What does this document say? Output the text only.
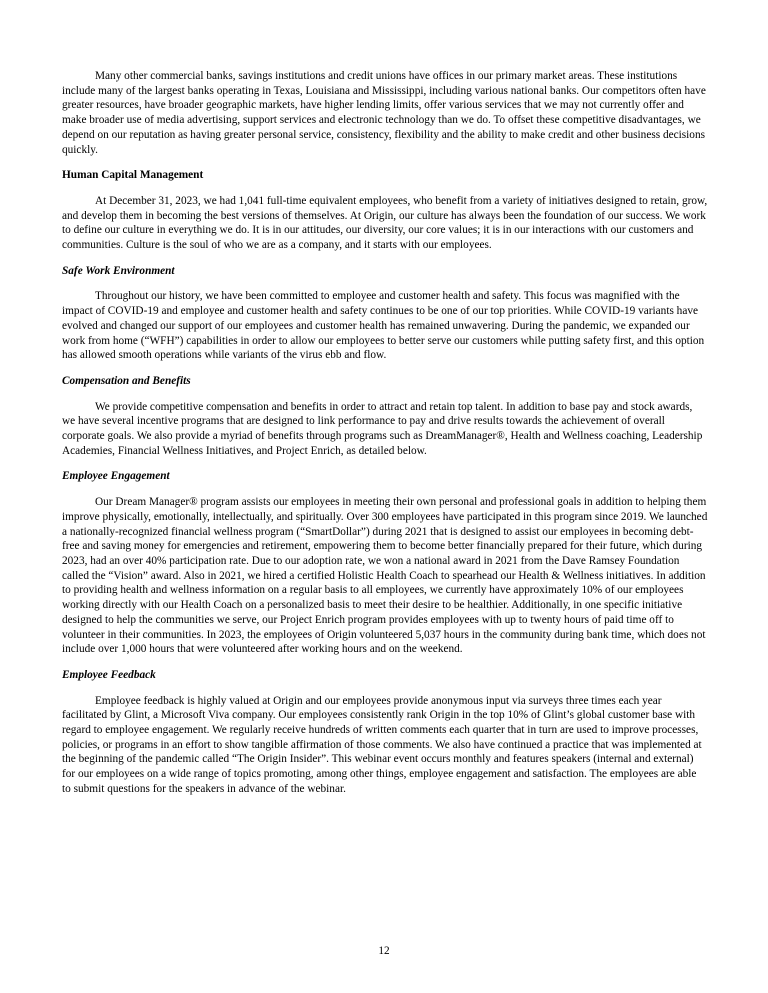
Many other commercial banks, savings institutions and credit unions have offices in our primary market areas. These institutions include many of the largest banks operating in Texas, Louisiana and Mississippi, including various national banks. Our competitors often have greater resources, have broader geographic markets, have higher lending limits, offer various services that we may not currently offer and make broader use of media advertising, support services and electronic technology than we do. To offset these competitive disadvantages, we depend on our reputation as having greater personal service, consistency, flexibility and the ability to make credit and other business decisions quickly.

Human Capital Management

At December 31, 2023, we had 1,041 full-time equivalent employees, who benefit from a variety of initiatives designed to retain, grow, and develop them in becoming the best versions of themselves. At Origin, our culture has always been the foundation of our success. We work to define our culture in everything we do. It is in our attitudes, our diversity, our core values; it is in our interactions with our customers and communities. Culture is the soul of who we are as a company, and it starts with our employees.

Safe Work Environment

Throughout our history, we have been committed to employee and customer health and safety. This focus was magnified with the impact of COVID-19 and employee and customer health and safety continues to be one of our top priorities. While COVID-19 variants have evolved and changed our support of our employees and customer health has remained unwavering. During the pandemic, we expanded our work from home (“WFH”) capabilities in order to allow our employees to better serve our customers while putting safety first, and this option has allowed smooth operations while variants of the virus ebb and flow.

Compensation and Benefits

We provide competitive compensation and benefits in order to attract and retain top talent. In addition to base pay and stock awards, we have several incentive programs that are designed to link performance to pay and drive results towards the achievement of overall corporate goals. We also provide a myriad of benefits through programs such as DreamManager®, Health and Wellness coaching, Leadership Academies, Financial Wellness Initiatives, and Project Enrich, as detailed below.

Employee Engagement

Our Dream Manager® program assists our employees in meeting their own personal and professional goals in addition to helping them improve physically, emotionally, intellectually, and spiritually. Over 300 employees have participated in this program since 2019. We launched a nationally-recognized financial wellness program (“SmartDollar”) during 2021 that is designed to assist our employees in becoming debt-free and saving money for emergencies and retirement, empowering them to become better financially prepared for their future, which during 2023, had an over 40% participation rate. Due to our adoption rate, we won a national award in 2021 from the Dave Ramsey Foundation called the “Vision” award. Also in 2021, we hired a certified Holistic Health Coach to spearhead our Health & Wellness initiatives. In addition to providing health and wellness information on a regular basis to all employees, we currently have approximately 10% of our employees working directly with our Health Coach on a personalized basis to meet their desire to be healthier. Additionally, in one specific initiative designed to help the communities we serve, our Project Enrich program provides employees with up to twenty hours of paid time off to volunteer in their communities. In 2023, the employees of Origin volunteered 5,037 hours in the community during bank time, which does not include over 1,000 hours that were volunteered after working hours and on the weekend.

Employee Feedback

Employee feedback is highly valued at Origin and our employees provide anonymous input via surveys three times each year facilitated by Glint, a Microsoft Viva company. Our employees consistently rank Origin in the top 10% of Glint’s global customer base with regard to employee engagement. We regularly receive hundreds of written comments each quarter that in turn are used to improve processes, policies, or programs in an effort to show tangible affirmation of those comments. We also have continued a practice that was implemented at the beginning of the pandemic called “The Origin Insider”. This webinar event occurs monthly and features speakers (internal and external) for our employees on a wide range of topics promoting, among other things, employee engagement and satisfaction. The employees are able to submit questions for the speakers in advance of the webinar.

12
